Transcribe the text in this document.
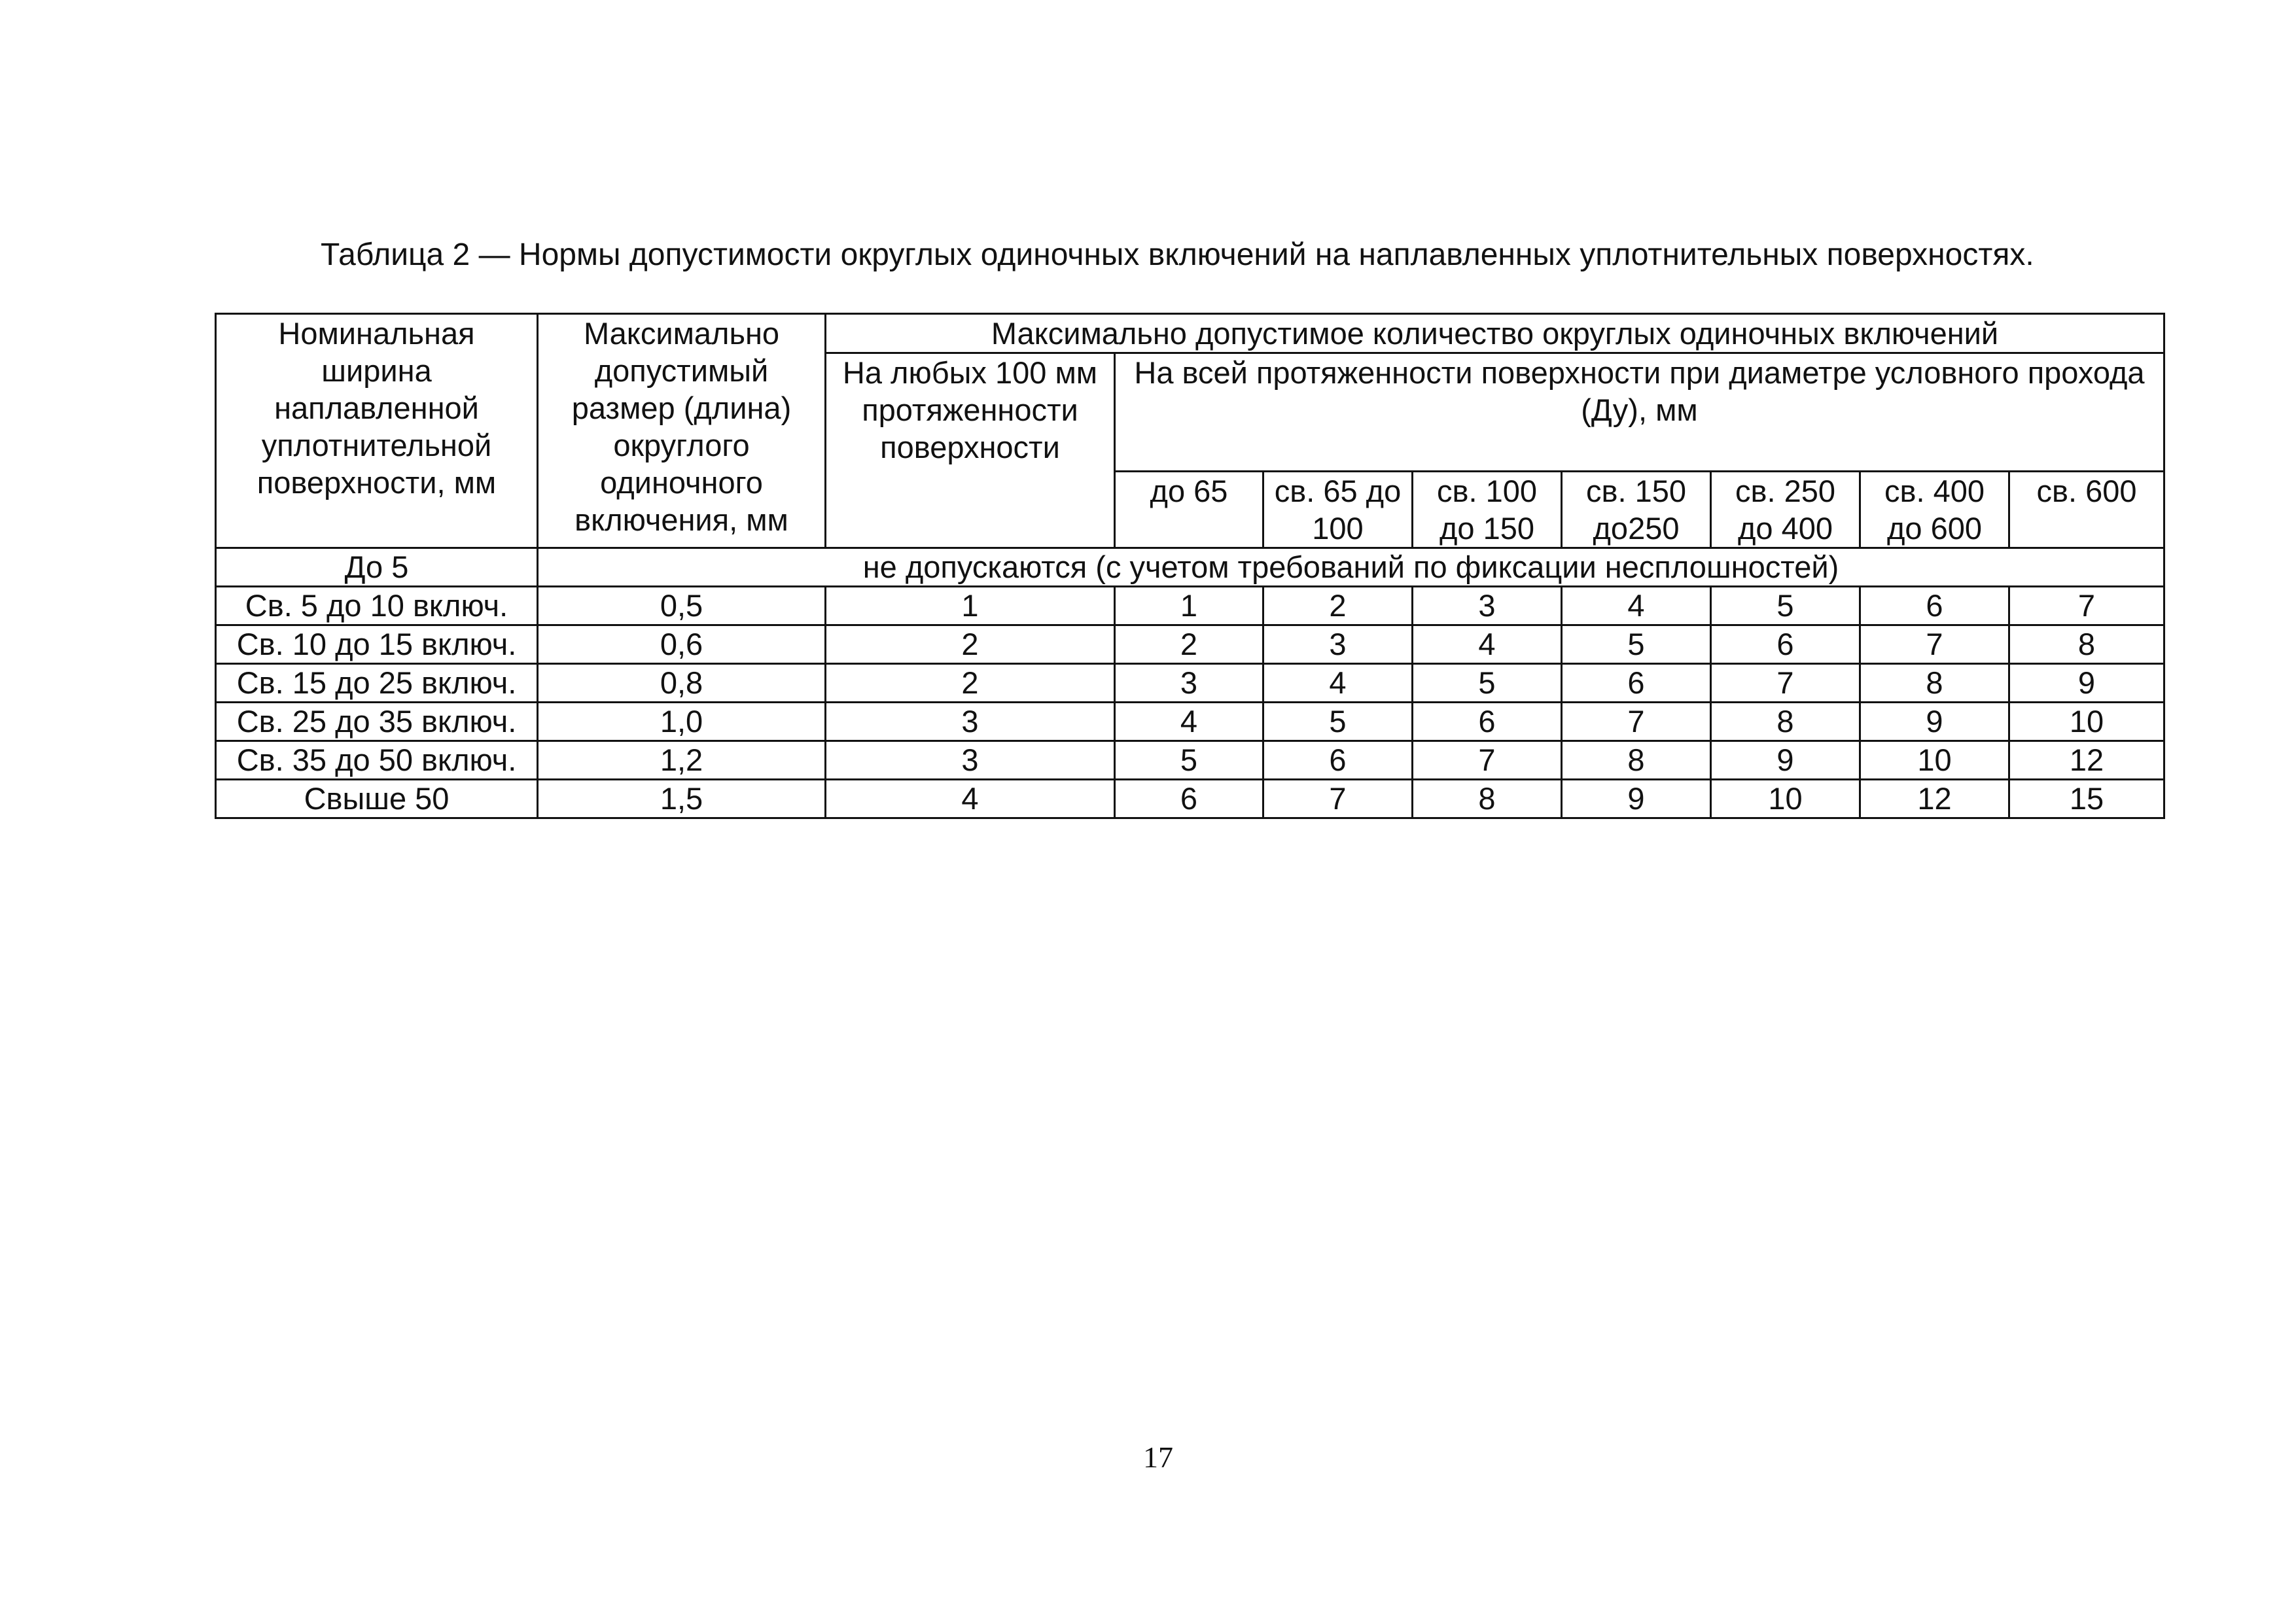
Таблица 2 — Нормы допустимости округлых одиночных включений на наплавленных уплотнительных поверхностях.
Номинальная ширина наплавленной уплотнительной поверхности, мм	Максимально допустимый размер (длина) округлого одиночного включения, мм	Максимально допустимое количество округлых одиночных включений							
		На любых 100 мм протяженности поверхности	На всей протяженности поверхности при диаметре условного прохода (Ду), мм						
			до 65	св. 65 до 100	св. 100 до 150	св. 150 до250	св. 250 до 400	св. 400 до 600	св. 600
До 5	не допускаются (с учетом требований по фиксации несплошностей)								
Св. 5 до 10 включ.	0,5	1	1	2	3	4	5	6	7
Св. 10 до 15 включ.	0,6	2	2	3	4	5	6	7	8
Св. 15 до 25 включ.	0,8	2	3	4	5	6	7	8	9
Св. 25 до 35 включ.	1,0	3	4	5	6	7	8	9	10
Св. 35 до 50 включ.	1,2	3	5	6	7	8	9	10	12
Свыше 50	1,5	4	6	7	8	9	10	12	15
17
